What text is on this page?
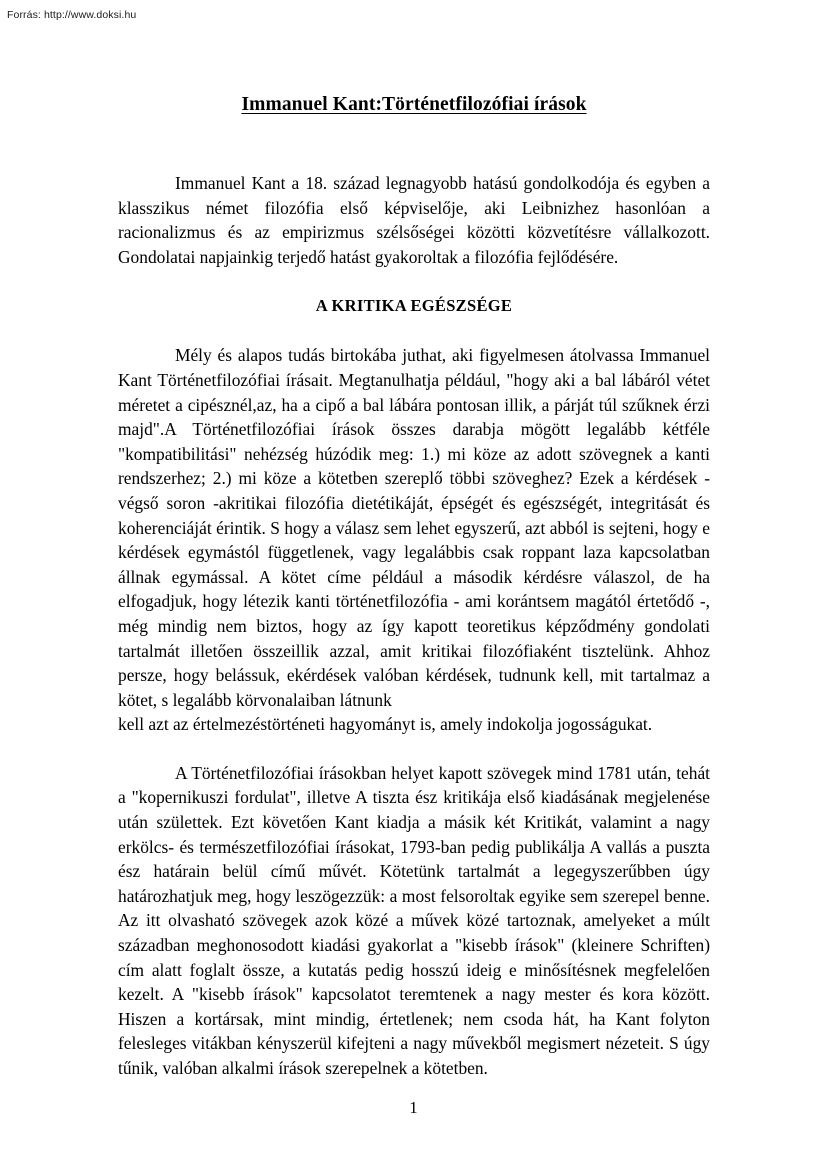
Forrás: http://www.doksi.hu
Immanuel Kant:Történetfilozófiai írások

Immanuel Kant a 18. század legnagyobb hatású gondolkodója és egyben a klasszikus német filozófia első képviselője, aki Leibnizhez hasonlóan a racionalizmus és az empirizmus szélsőségei közötti közvetítésre vállalkozott. Gondolatai napjainkig terjedő hatást gyakoroltak a filozófia fejlődésére.

A KRITIKA EGÉSZSÉGE

Mély és alapos tudás birtokába juthat, aki figyelmesen átolvassa Immanuel Kant Történetfilozófiai írásait. Megtanulhatja például, "hogy aki a bal lábáról vétet méretet a cipésznél,az, ha a cipő a bal lábára pontosan illik, a párját túl szűknek érzi majd".A Történetfilozófiai írások összes darabja mögött legalább kétféle "kompatibilitási" nehézség húzódik meg: 1.) mi köze az adott szövegnek a kanti rendszerhez; 2.) mi köze a kötetben szereplő többi szöveghez? Ezek a kérdések - végső soron -akritikai filozófia dietétikáját, épségét és egészségét, integritását és koherenciáját érintik. S hogy a válasz sem lehet egyszerű, azt abból is sejteni, hogy e kérdések egymástól függetlenek, vagy legalábbis csak roppant laza kapcsolatban állnak egymással. A kötet címe például a második kérdésre válaszol, de ha elfogadjuk, hogy létezik kanti történetfilozófia - ami korántsem magától értetődő -, még mindig nem biztos, hogy az így kapott teoretikus képződmény gondolati tartalmát illetően összeillik azzal, amit kritikai filozófiaként tisztelünk. Ahhoz persze, hogy belássuk, ekérdések valóban kérdések, tudnunk kell, mit tartalmaz a kötet, s legalább körvonalaiban látnunk

kell azt az értelmezéstörténeti hagyományt is, amely indokolja jogosságukat.

A Történetfilozófiai írásokban helyet kapott szövegek mind 1781 után, tehát a "kopernikuszi fordulat", illetve A tiszta ész kritikája első kiadásának megjelenése után születtek. Ezt követően Kant kiadja a másik két Kritikát, valamint a nagy erkölcs- és természetfilozófiai írásokat, 1793-ban pedig publikálja A vallás a puszta ész határain belül című művét. Kötetünk tartalmát a legegyszerűbben úgy határozhatjuk meg, hogy leszögezzük: a most felsoroltak egyike sem szerepel benne. Az itt olvasható szövegek azok közé a művek közé tartoznak, amelyeket a múlt században meghonosodott kiadási gyakorlat a "kisebb írások" (kleinere Schriften) cím alatt foglalt össze, a kutatás pedig hosszú ideig e minősítésnek megfelelően kezelt. A "kisebb írások" kapcsolatot teremtenek a nagy mester és kora között. Hiszen a kortársak, mint mindig, értetlenek; nem csoda hát, ha Kant folyton felesleges vitákban kényszerül kifejteni a nagy művekből megismert nézeteit. S úgy tűnik, valóban alkalmi írások szerepelnek a kötetben.

1
